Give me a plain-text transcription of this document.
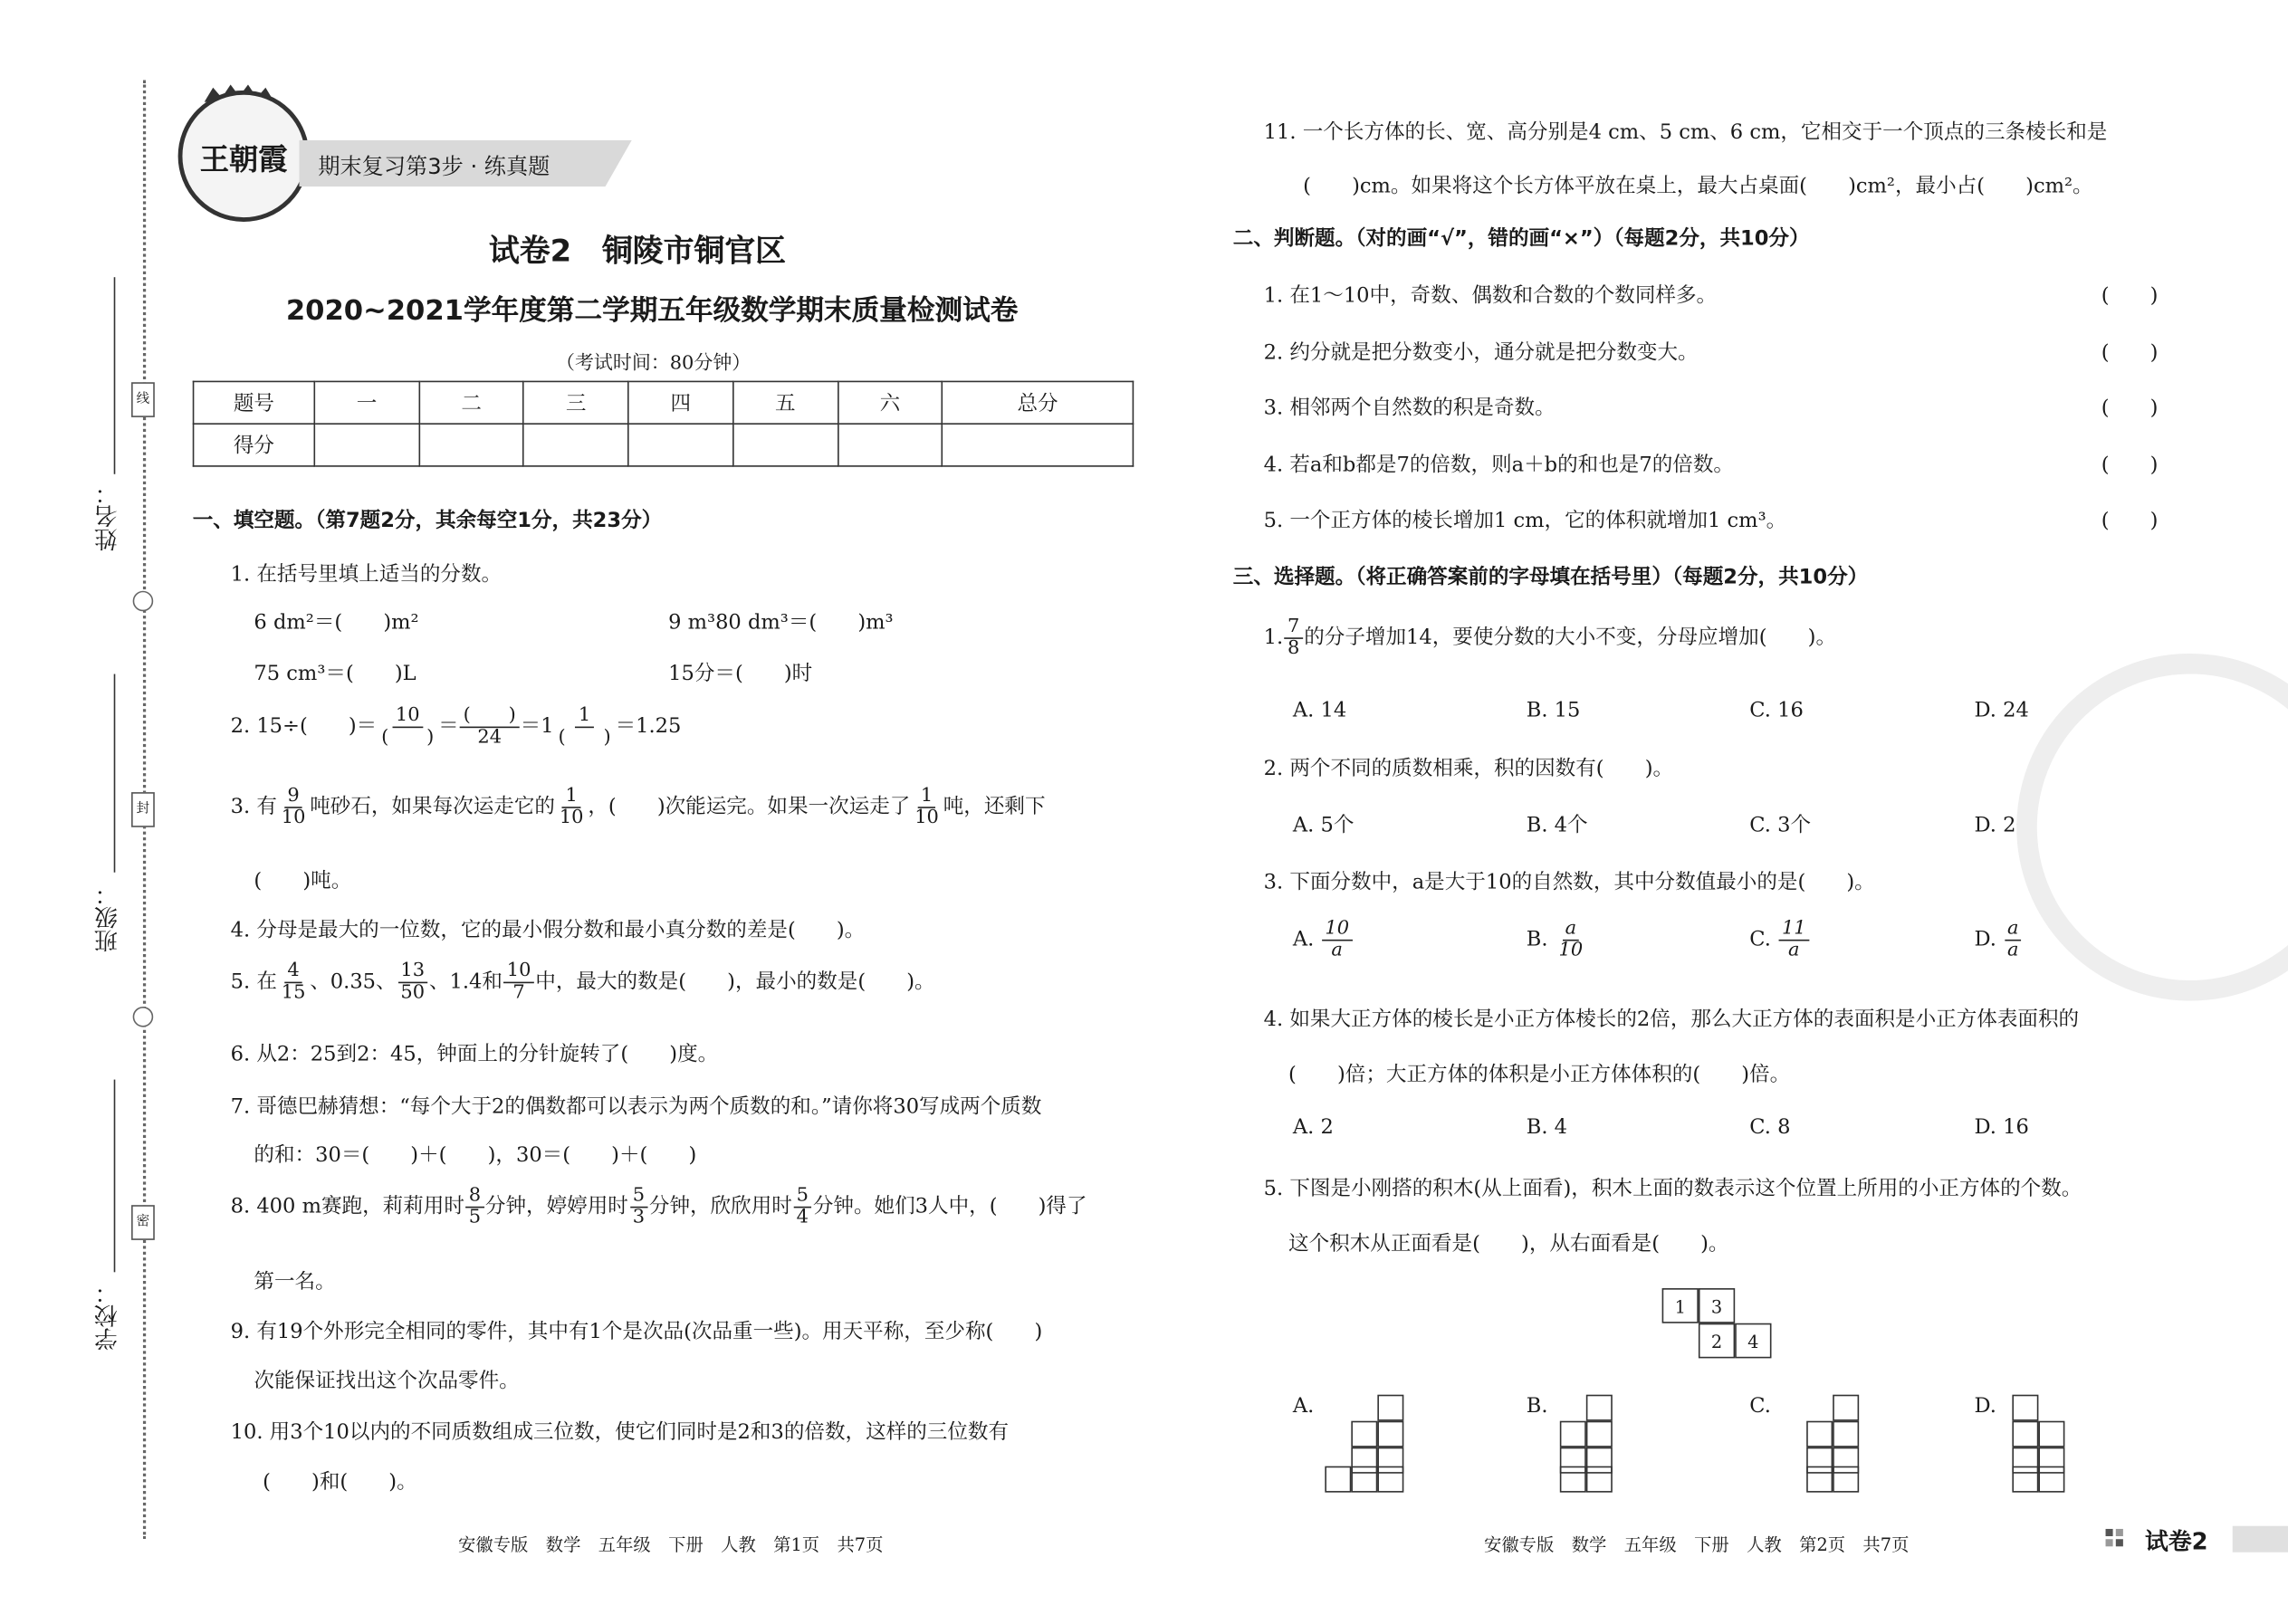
姓名：
班级：
学校：
线
封
密
王朝霞 期末复习第3步 · 练真题
试卷2　铜陵市铜官区
2020~2021学年度第二学期五年级数学期末质量检测试卷
（考试时间：80分钟）
题号	一	二	三	四	五	六	总分
得分							
一、填空题。（第7题2分，其余每空1分，共23分）
1. 在括号里填上适当的分数。
6 dm²＝(　　)m²	9 m³80 dm³＝(　　)m³
75 cm³＝(　　)L	15分＝(　　)时
2. 15÷(　　)＝ 10
(　　) ＝ (　　)
24 ＝1 1
(　　) ＝1.25
3. 有 $\frac{9}{10}$ 吨砂石，如果每次运走它的 $\frac{1}{10}$ ，(　　)次能运完。如果一次运走了 $\frac{1}{10}$ 吨，还剩下
(　　)吨。
4. 分母是最大的一位数，它的最小假分数和最小真分数的差是(　　)。
5. 在 $\frac{4}{15}$ 、0.35、 $\frac{13}{50}$ 、1.4和 $\frac{10}{7}$ 中，最大的数是(　　)，最小的数是(　　)。
6. 从2：25到2：45，钟面上的分针旋转了(　　)度。
7. 哥德巴赫猜想：“每个大于2的偶数都可以表示为两个质数的和。”请你将30写成两个质数
的和：30＝(　　)＋(　　)，30＝(　　)＋(　　)
8. 400 m赛跑，莉莉用时 $\frac{8}{5}$ 分钟，婷婷用时 $\frac{5}{3}$ 分钟，欣欣用时 $\frac{5}{4}$ 分钟。她们3人中，(　　)得了
第一名。
9. 有19个外形完全相同的零件，其中有1个是次品(次品重一些)。用天平称，至少称(　　)
次能保证找出这个次品零件。
10. 用3个10以内的不同质数组成三位数，使它们同时是2和3的倍数，这样的三位数有
(　　)和(　　)。
安徽专版　数学　五年级　下册　人教　第1页　共7页
11. 一个长方体的长、宽、高分别是4 cm、5 cm、6 cm，它相交于一个顶点的三条棱长和是
(　　)cm。如果将这个长方体平放在桌上，最大占桌面(　　)cm²，最小占(　　)cm²。
二、判断题。（对的画“√”，错的画“×”）（每题2分，共10分）
1. 在1～10中，奇数、偶数和合数的个数同样多。	(　　)
2. 约分就是把分数变小，通分就是把分数变大。	(　　)
3. 相邻两个自然数的积是奇数。	(　　)
4. 若a和b都是7的倍数，则a＋b的和也是7的倍数。	(　　)
5. 一个正方体的棱长增加1 cm，它的体积就增加1 cm³。	(　　)
三、选择题。（将正确答案前的字母填在括号里）（每题2分，共10分）
1. $\frac{7}{8}$ 的分子增加14，要使分数的大小不变，分母应增加(　　)。
A. 14	B. 15	C. 16	D. 24
2. 两个不同的质数相乘，积的因数有(　　)。
A. 5个	B. 4个	C. 3个	D. 2个
3. 下面分数中，a是大于10的自然数，其中分数值最小的是(　　)。
A. $\frac{10}{a}$	B. $\frac{a}{10}$	C. $\frac{11}{a}$	D. $\frac{a}{a}$
4. 如果大正方体的棱长是小正方体棱长的2倍，那么大正方体的表面积是小正方体表面积的
(　　)倍；大正方体的体积是小正方体体积的(　　)倍。
A. 2	B. 4	C. 8	D. 16
5. 下图是小刚搭的积木(从上面看)，积木上面的数表示这个位置上所用的小正方体的个数。
这个积木从正面看是(　　)，从右面看是(　　)。
1	3
2	4
A.	B.	C.	D.
安徽专版　数学　五年级　下册　人教　第2页　共7页	试卷2
